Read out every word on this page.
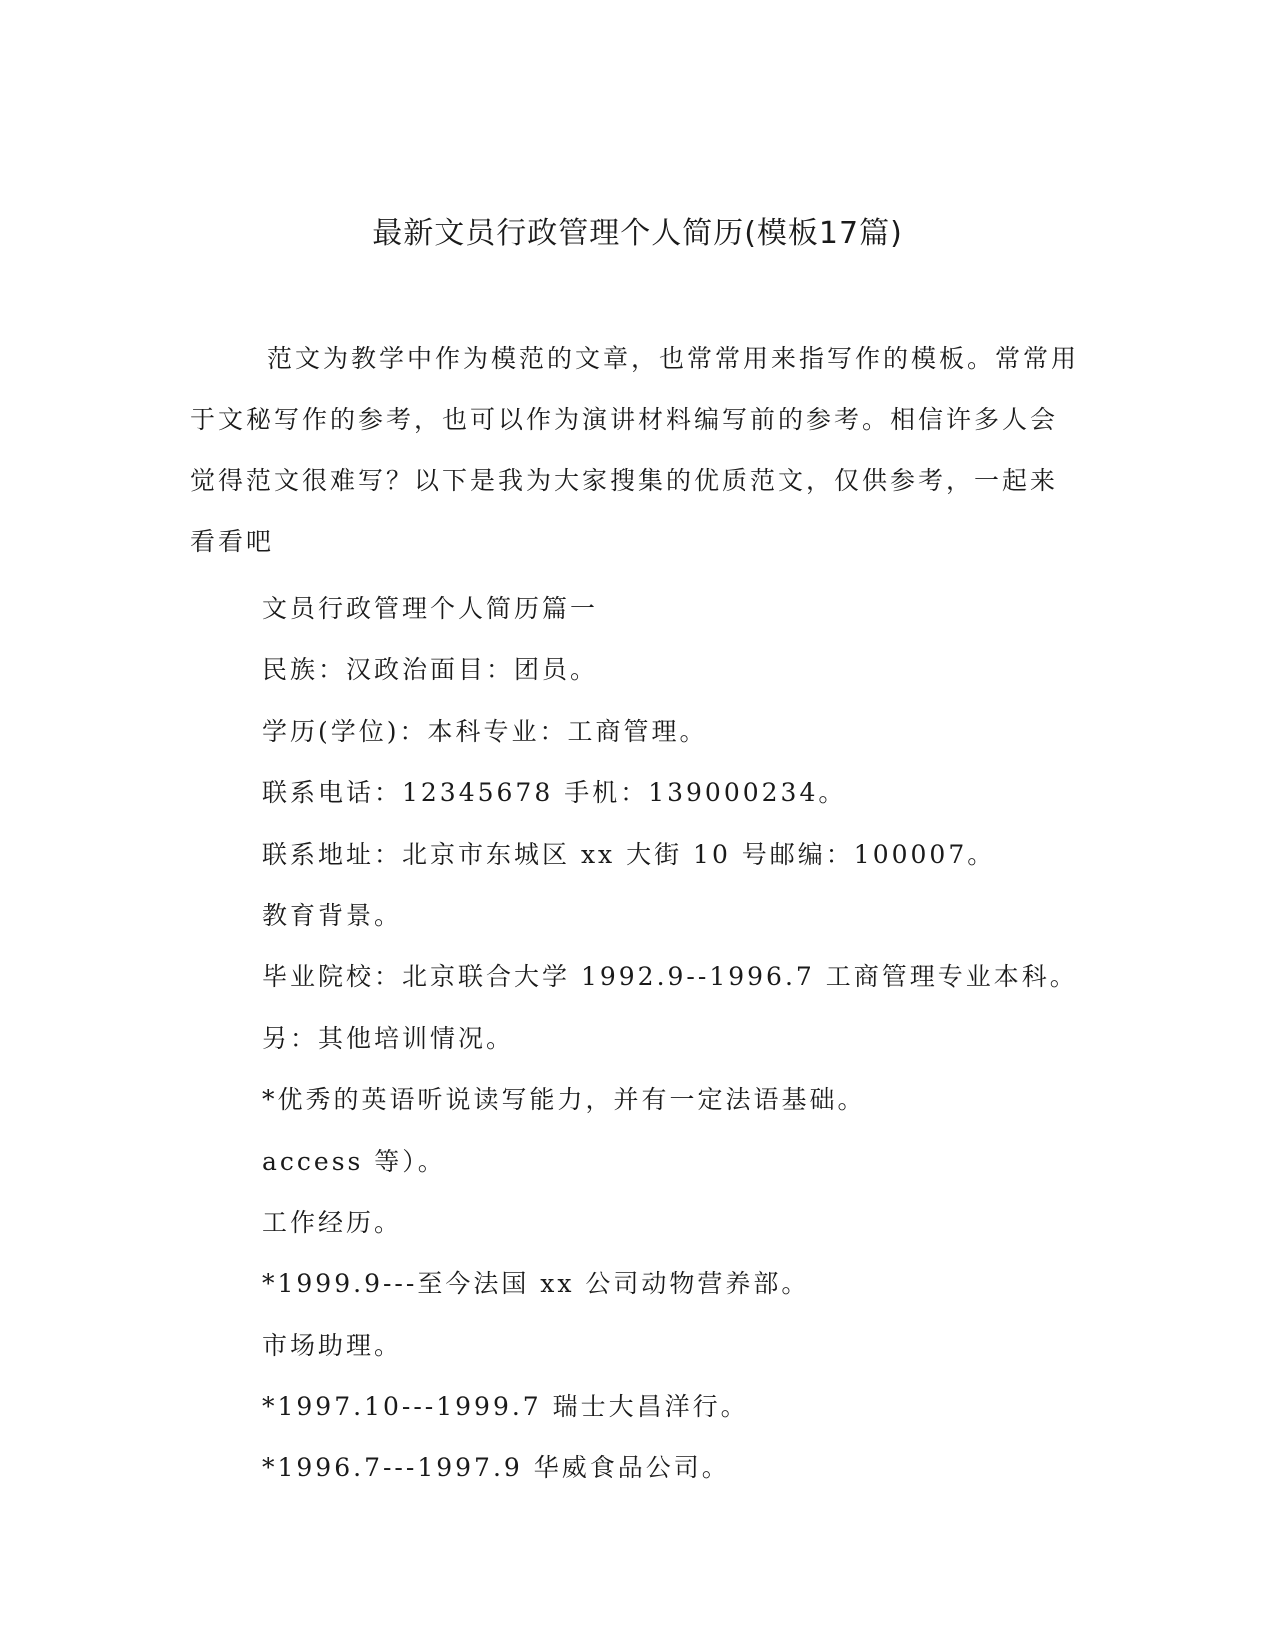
最新文员行政管理个人简历(模板17篇)

范文为教学中作为模范的文章，也常常用来指写作的模板。常常用于文秘写作的参考，也可以作为演讲材料编写前的参考。相信许多人会觉得范文很难写？以下是我为大家搜集的优质范文，仅供参考，一起来看看吧

文员行政管理个人简历篇一
民族：汉政治面目：团员。
学历(学位)：本科专业：工商管理。
联系电话：12345678 手机：139000234。
联系地址：北京市东城区 xx 大街 10 号邮编：100007。
教育背景。
毕业院校：北京联合大学 1992.9--1996.7 工商管理专业本科。
另：其他培训情况。
*优秀的英语听说读写能力，并有一定法语基础。
access 等）。
工作经历。
*1999.9---至今法国 xx 公司动物营养部。
市场助理。
*1997.10---1999.7 瑞士大昌洋行。
*1996.7---1997.9 华威食品公司。
